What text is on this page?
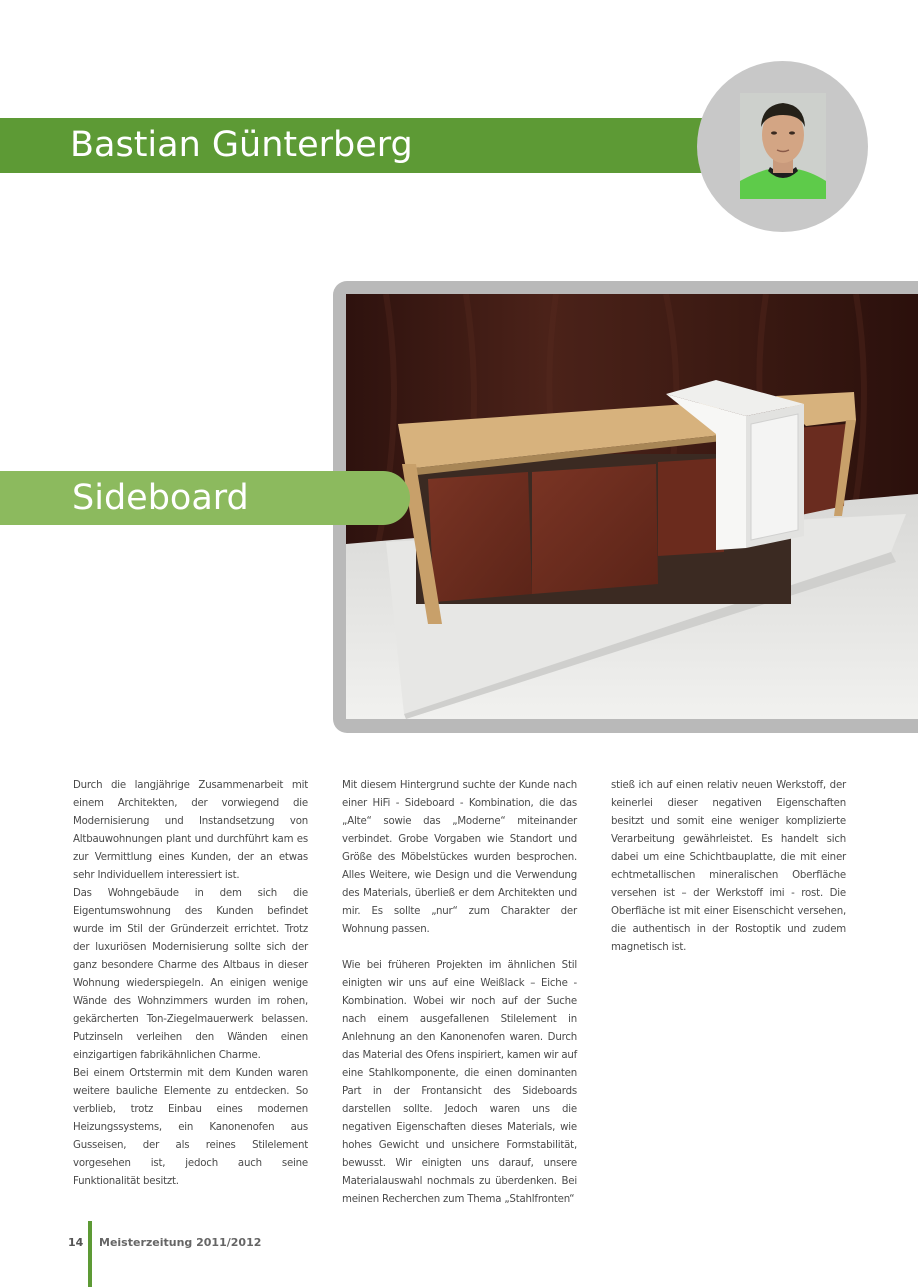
Bastian Günterberg
Sideboard

Durch die langjährige Zusammenarbeit mit einem Architekten, der vorwiegend die Modernisierung und Instandsetzung von Altbauwohnungen plant und durchführt kam es zur Vermittlung eines Kunden, der an etwas sehr Individuellem interessiert ist.

Das Wohngebäude in dem sich die Eigentumswohnung des Kunden befindet wurde im Stil der Gründerzeit errichtet. Trotz der luxuriösen Modernisierung sollte sich der ganz besondere Charme des Altbaus in dieser Wohnung wiederspiegeln. An einigen wenige Wände des Wohnzimmers wurden im rohen, gekärcherten Ton-Ziegelmauerwerk belassen. Putzinseln verleihen den Wänden einen einzigartigen fabrikähnlichen Charme.

Bei einem Ortstermin mit dem Kunden waren weitere bauliche Elemente zu entdecken. So verblieb, trotz Einbau eines modernen Heizungssystems, ein Kanonenofen aus Gusseisen, der als reines Stilelement vorgesehen ist, jedoch auch seine Funktionalität besitzt.

Mit diesem Hintergrund suchte der Kunde nach einer HiFi - Sideboard - Kombination, die das „Alte“ sowie das „Moderne“ miteinander verbindet. Grobe Vorgaben wie Standort und Größe des Möbelstückes wurden besprochen. Alles Weitere, wie Design und die Verwendung des Materials, überließ er dem Architekten und mir. Es sollte „nur“ zum Charakter der Wohnung passen.

Wie bei früheren Projekten im ähnlichen Stil einigten wir uns auf eine Weißlack – Eiche -Kombination. Wobei wir noch auf der Suche nach einem ausgefallenen Stilelement in Anlehnung an den Kanonenofen waren. Durch das Material des Ofens inspiriert, kamen wir auf eine Stahlkomponente, die einen dominanten Part in der Frontansicht des Sideboards darstellen sollte. Jedoch waren uns die negativen Eigenschaften dieses Materials, wie hohes Gewicht und unsichere Formstabilität, bewusst. Wir einigten uns darauf, unsere Materialauswahl nochmals zu überdenken. Bei meinen Recherchen zum Thema „Stahlfronten“

stieß ich auf einen relativ neuen Werkstoff, der keinerlei dieser negativen Eigenschaften besitzt und somit eine weniger komplizierte Verarbeitung gewährleistet. Es handelt sich dabei um eine Schichtbauplatte, die mit einer echtmetallischen mineralischen Oberfläche versehen ist – der Werkstoff imi - rost. Die Oberfläche ist mit einer Eisenschicht versehen, die authentisch in der Rostoptik und zudem magnetisch ist.

14 Meisterzeitung 2011/2012
